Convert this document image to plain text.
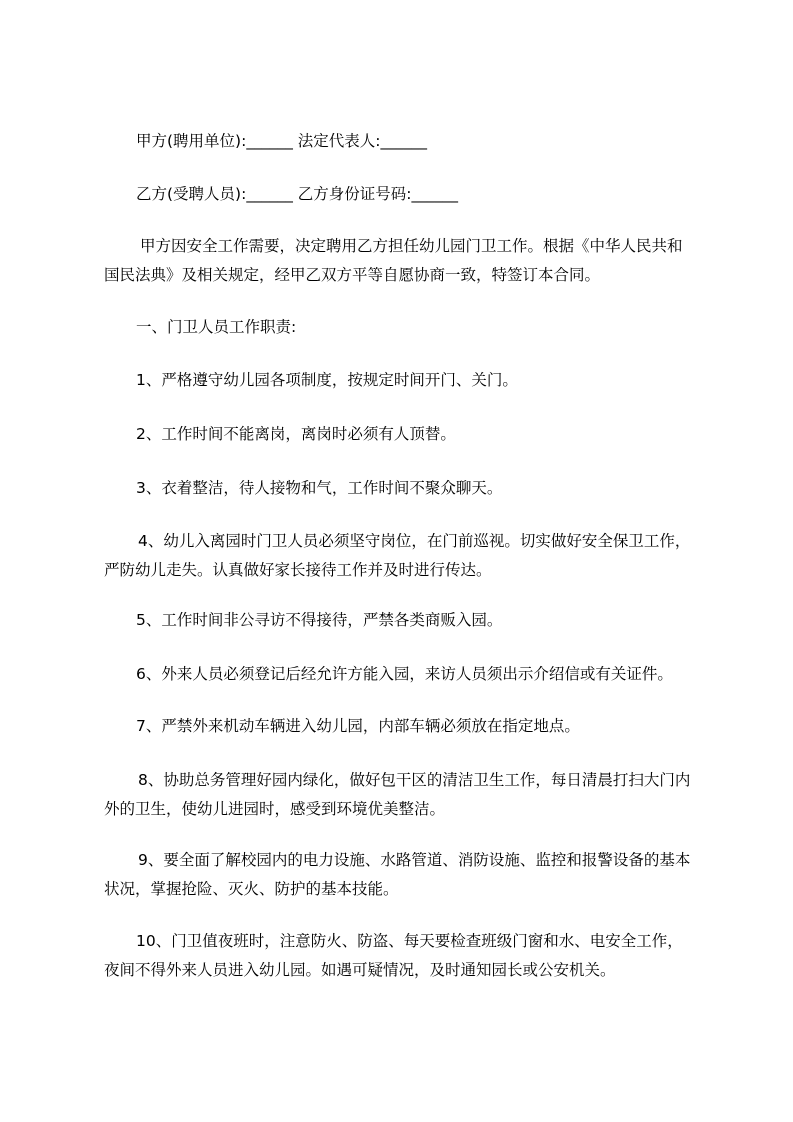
甲方(聘用单位):______ 法定代表人:______

乙方(受聘人员):______ 乙方身份证号码:______

甲方因安全工作需要，决定聘用乙方担任幼儿园门卫工作。根据《中华人民共和
国民法典》及相关规定，经甲乙双方平等自愿协商一致，特签订本合同。

一、门卫人员工作职责:

1、严格遵守幼儿园各项制度，按规定时间开门、关门。

2、工作时间不能离岗，离岗时必须有人顶替。

3、衣着整洁，待人接物和气，工作时间不聚众聊天。

4、幼儿入离园时门卫人员必须坚守岗位，在门前巡视。切实做好安全保卫工作，
严防幼儿走失。认真做好家长接待工作并及时进行传达。

5、工作时间非公寻访不得接待，严禁各类商贩入园。

6、外来人员必须登记后经允许方能入园，来访人员须出示介绍信或有关证件。

7、严禁外来机动车辆进入幼儿园，内部车辆必须放在指定地点。

8、协助总务管理好园内绿化，做好包干区的清洁卫生工作，每日清晨打扫大门内
外的卫生，使幼儿进园时，感受到环境优美整洁。

9、要全面了解校园内的电力设施、水路管道、消防设施、监控和报警设备的基本
状况，掌握抢险、灭火、防护的基本技能。

10、门卫值夜班时，注意防火、防盗、每天要检查班级门窗和水、电安全工作，
夜间不得外来人员进入幼儿园。如遇可疑情况，及时通知园长或公安机关。
